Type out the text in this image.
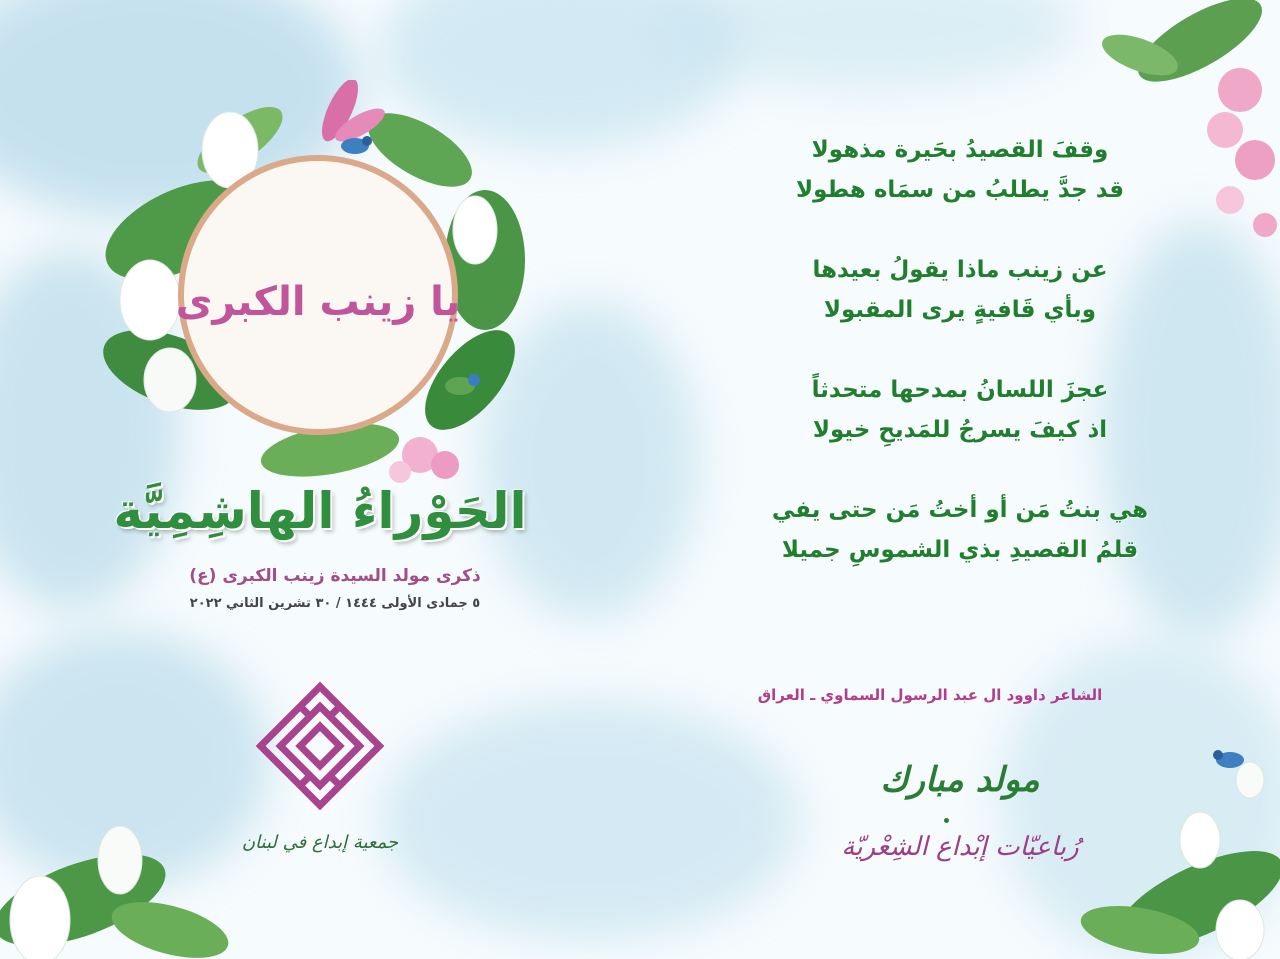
يا زينب الكبرى
الحَوْراءُ الهاشِمِيَّة
ذكرى مولد السيدة زينب الكبرى (ع)
٥ جمادى الأولى ١٤٤٤ / ٣٠ تشرين الثاني ٢٠٢٢
جمعية إبداع في لبنان
وقفَ القصيدُ بحَيرة مذهولا
قد جدَّ يطلبُ من سمَاه هطولا
عن زينب ماذا يقولُ بعيدها
وبأي قَافيةٍ يرى المقبولا
عجزَ اللسانُ بمدحها متحدثاً
اذ كيفَ يسرجُ للمَديحِ خيولا
هي بنتُ مَن أو أختُ مَن حتى يفي
قلمُ القصيدِ بذي الشموسِ جميلا
الشاعر داوود ال عبد الرسول السماوي ـ العراق
مولد مبارك
رُباعيّات إبْداع الشِعْريّة
